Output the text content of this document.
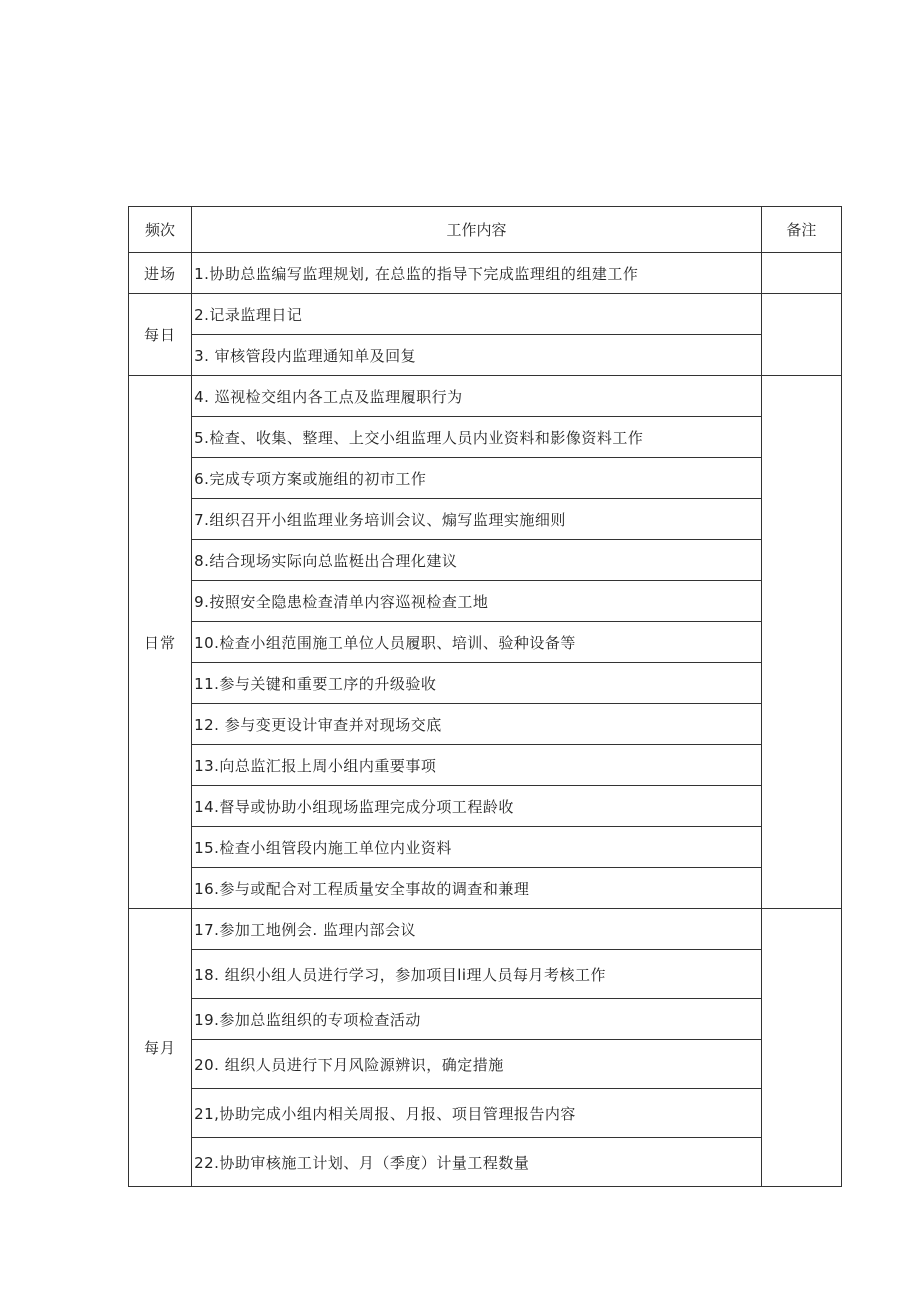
频次	工作内容	备注
进场	1.协助总监编写监理规划, 在总监的指导下完成监理组的组建工作	
每日	2.记录监理日记	
	3. 审核管段内监理通知单及回复	
日常	4. 巡视检交组内各工点及监理履职行为	
	5.检查、收集、整理、上交小组监理人员内业资料和影像资料工作	
	6.完成专项方案或施组的初市工作	
	7.组织召开小组监理业务培训会议、煽写监理实施细则	
	8.结合现场实际向总监梃出合理化建议	
	9.按照安全隐患检查清单内容巡视检查工地	
	10.检查小组范围施工单位人员履职、培训、验种设备等	
	11.参与关键和重要工序的升级验收	
	12. 参与变更设计审查并对现场交底	
	13.向总监汇报上周小组内重要事项	
	14.督导或协助小组现场监理完成分项工程龄收	
	15.检查小组管段内施工单位内业资料	
	16.参与或配合对工程质量安全事故的调查和兼理	
每月	17.参加工地例会. 监理内部会议	
	18. 组织小组人员进行学习，参加项目li理人员每月考核工作	
	19.参加总监组织的专项检查活动	
	20. 组织人员进行下月风险源辨识，确定措施	
	21,协助完成小组内相关周报、月报、项目管理报告内容	
	22.协助审核施工计划、月（季度）计量工程数量	
